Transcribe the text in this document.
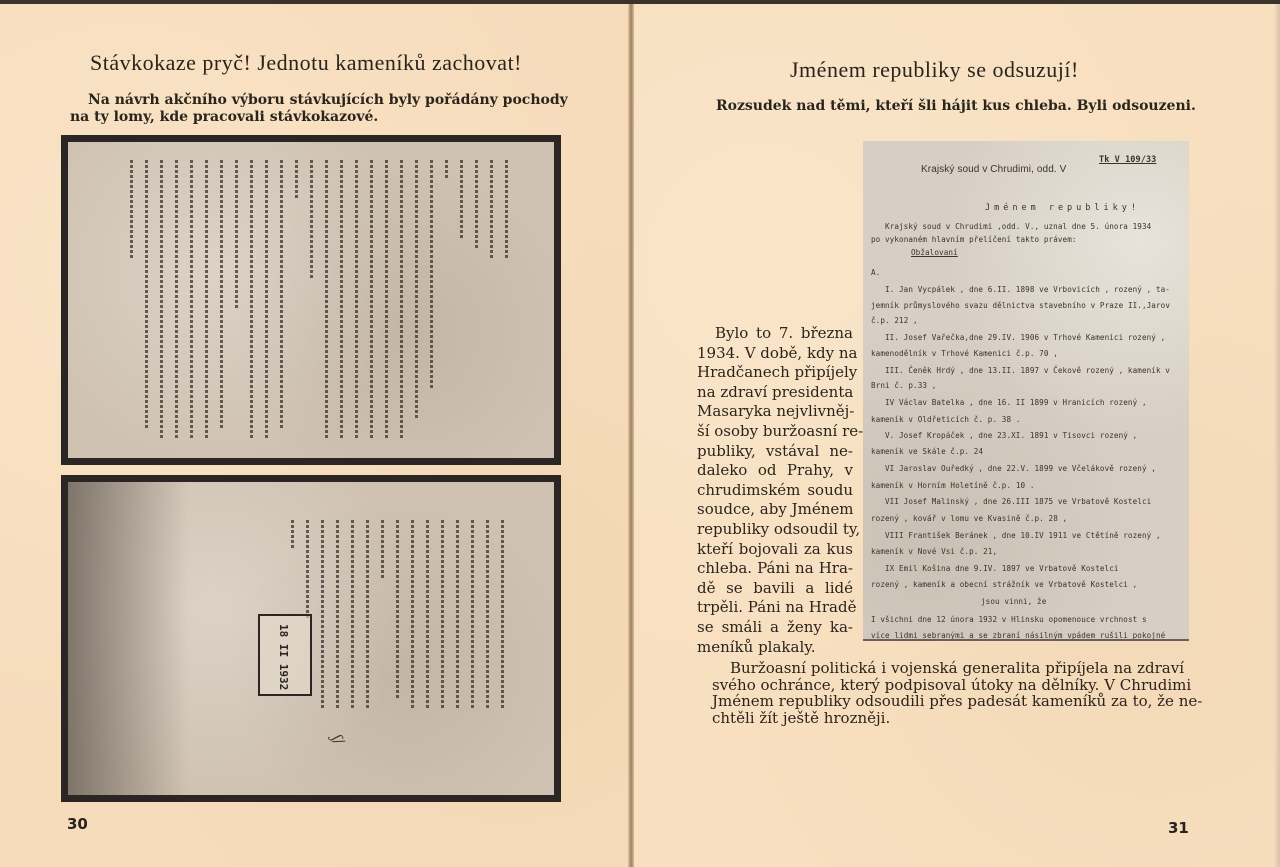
Stávkokaze pryč! Jednotu kameníků zachovat!
Na návrh akčního výboru stávkujících byly pořádány pochody
na ty lomy, kde pracovali stávkokazové.
18 II 1932
ʃ/
30
Jménem republiky se odsuzují!
Rozsudek nad těmi, kteří šli hájit kus chleba. Byli odsouzeni.
Bylo to 7. března
1934. V době, kdy na
Hradčanech připíjely
na zdraví presidenta
Masaryka nejvlivněj-
ší osoby buržoasní re-
publiky, vstával ne-
daleko od Prahy, v
chrudimském soudu
soudce, aby Jménem
republiky odsoudil ty,
kteří bojovali za kus
chleba. Páni na Hra-
dě se bavili a lidé
trpěli. Páni na Hradě
se smáli a ženy ka-
meníků plakaly.
Krajský soud v Chrudimi, odd. V
Tk V 109/33
Jménem republiky!
Krajský soud v Chrudimi ,odd. V., uznal dne 5. února 1934
po vykonaném hlavním přelíčení takto právem:
Obžalovaní
A.
I. Jan Vycpálek , dne 6.II. 1898 ve Vrbovicích , rozený , ta-
jemník průmyslového svazu dělnictva stavebního v Praze II.,Jarov
č.p. 212 ,
II. Josef Vařečka,dne 29.IV. 1906 v Trhové Kamenici rozený ,
kamenodělník v Trhové Kamenici č.p. 70 ,
III. Čeněk Hrdý , dne 13.II. 1897 v Čekově rozený , kameník v
Brni č. p.33 ,
IV Václav Batelka , dne 16. II 1899 v Hranicích rozený ,
kameník v Oldřeticích č. p. 38 .
V. Josef Kropáček , dne 23.XI. 1891 v Tisovci rozený ,
kameník ve Skále č.p. 24
VI Jaroslav Ouředký , dne 22.V. 1899 ve Včelákově rozený ,
kameník v Horním Holetíně č.p. 10 .
VII Josef Malinský , dne 26.III 1875 ve Vrbatově Kostelci
rozený , kovář v lomu ve Kvasině č.p. 28 ,
VIII František Beránek , dne 10.IV 1911 ve Ctětíně rozený ,
kameník v Nové Vsi č.p. 21,
IX Emil Košina dne 9.IV. 1897 ve Vrbatově Kostelci
rozený , kameník a obecní strážník ve Vrbatově Kostelci ,
jsou vinni, že
I všichni dne 12 února 1932 v Hlinsku opomenouce vrchnost s
více lidmi sebranými a se zbraní násilným vpádem rušili pokojné
Buržoasní politická i vojenská generalita připíjela na zdraví
svého ochránce, který podpisoval útoky na dělníky. V Chrudimi
Jménem republiky odsoudili přes padesát kameníků za to, že ne-
chtěli žít ještě hrozněji.
31
